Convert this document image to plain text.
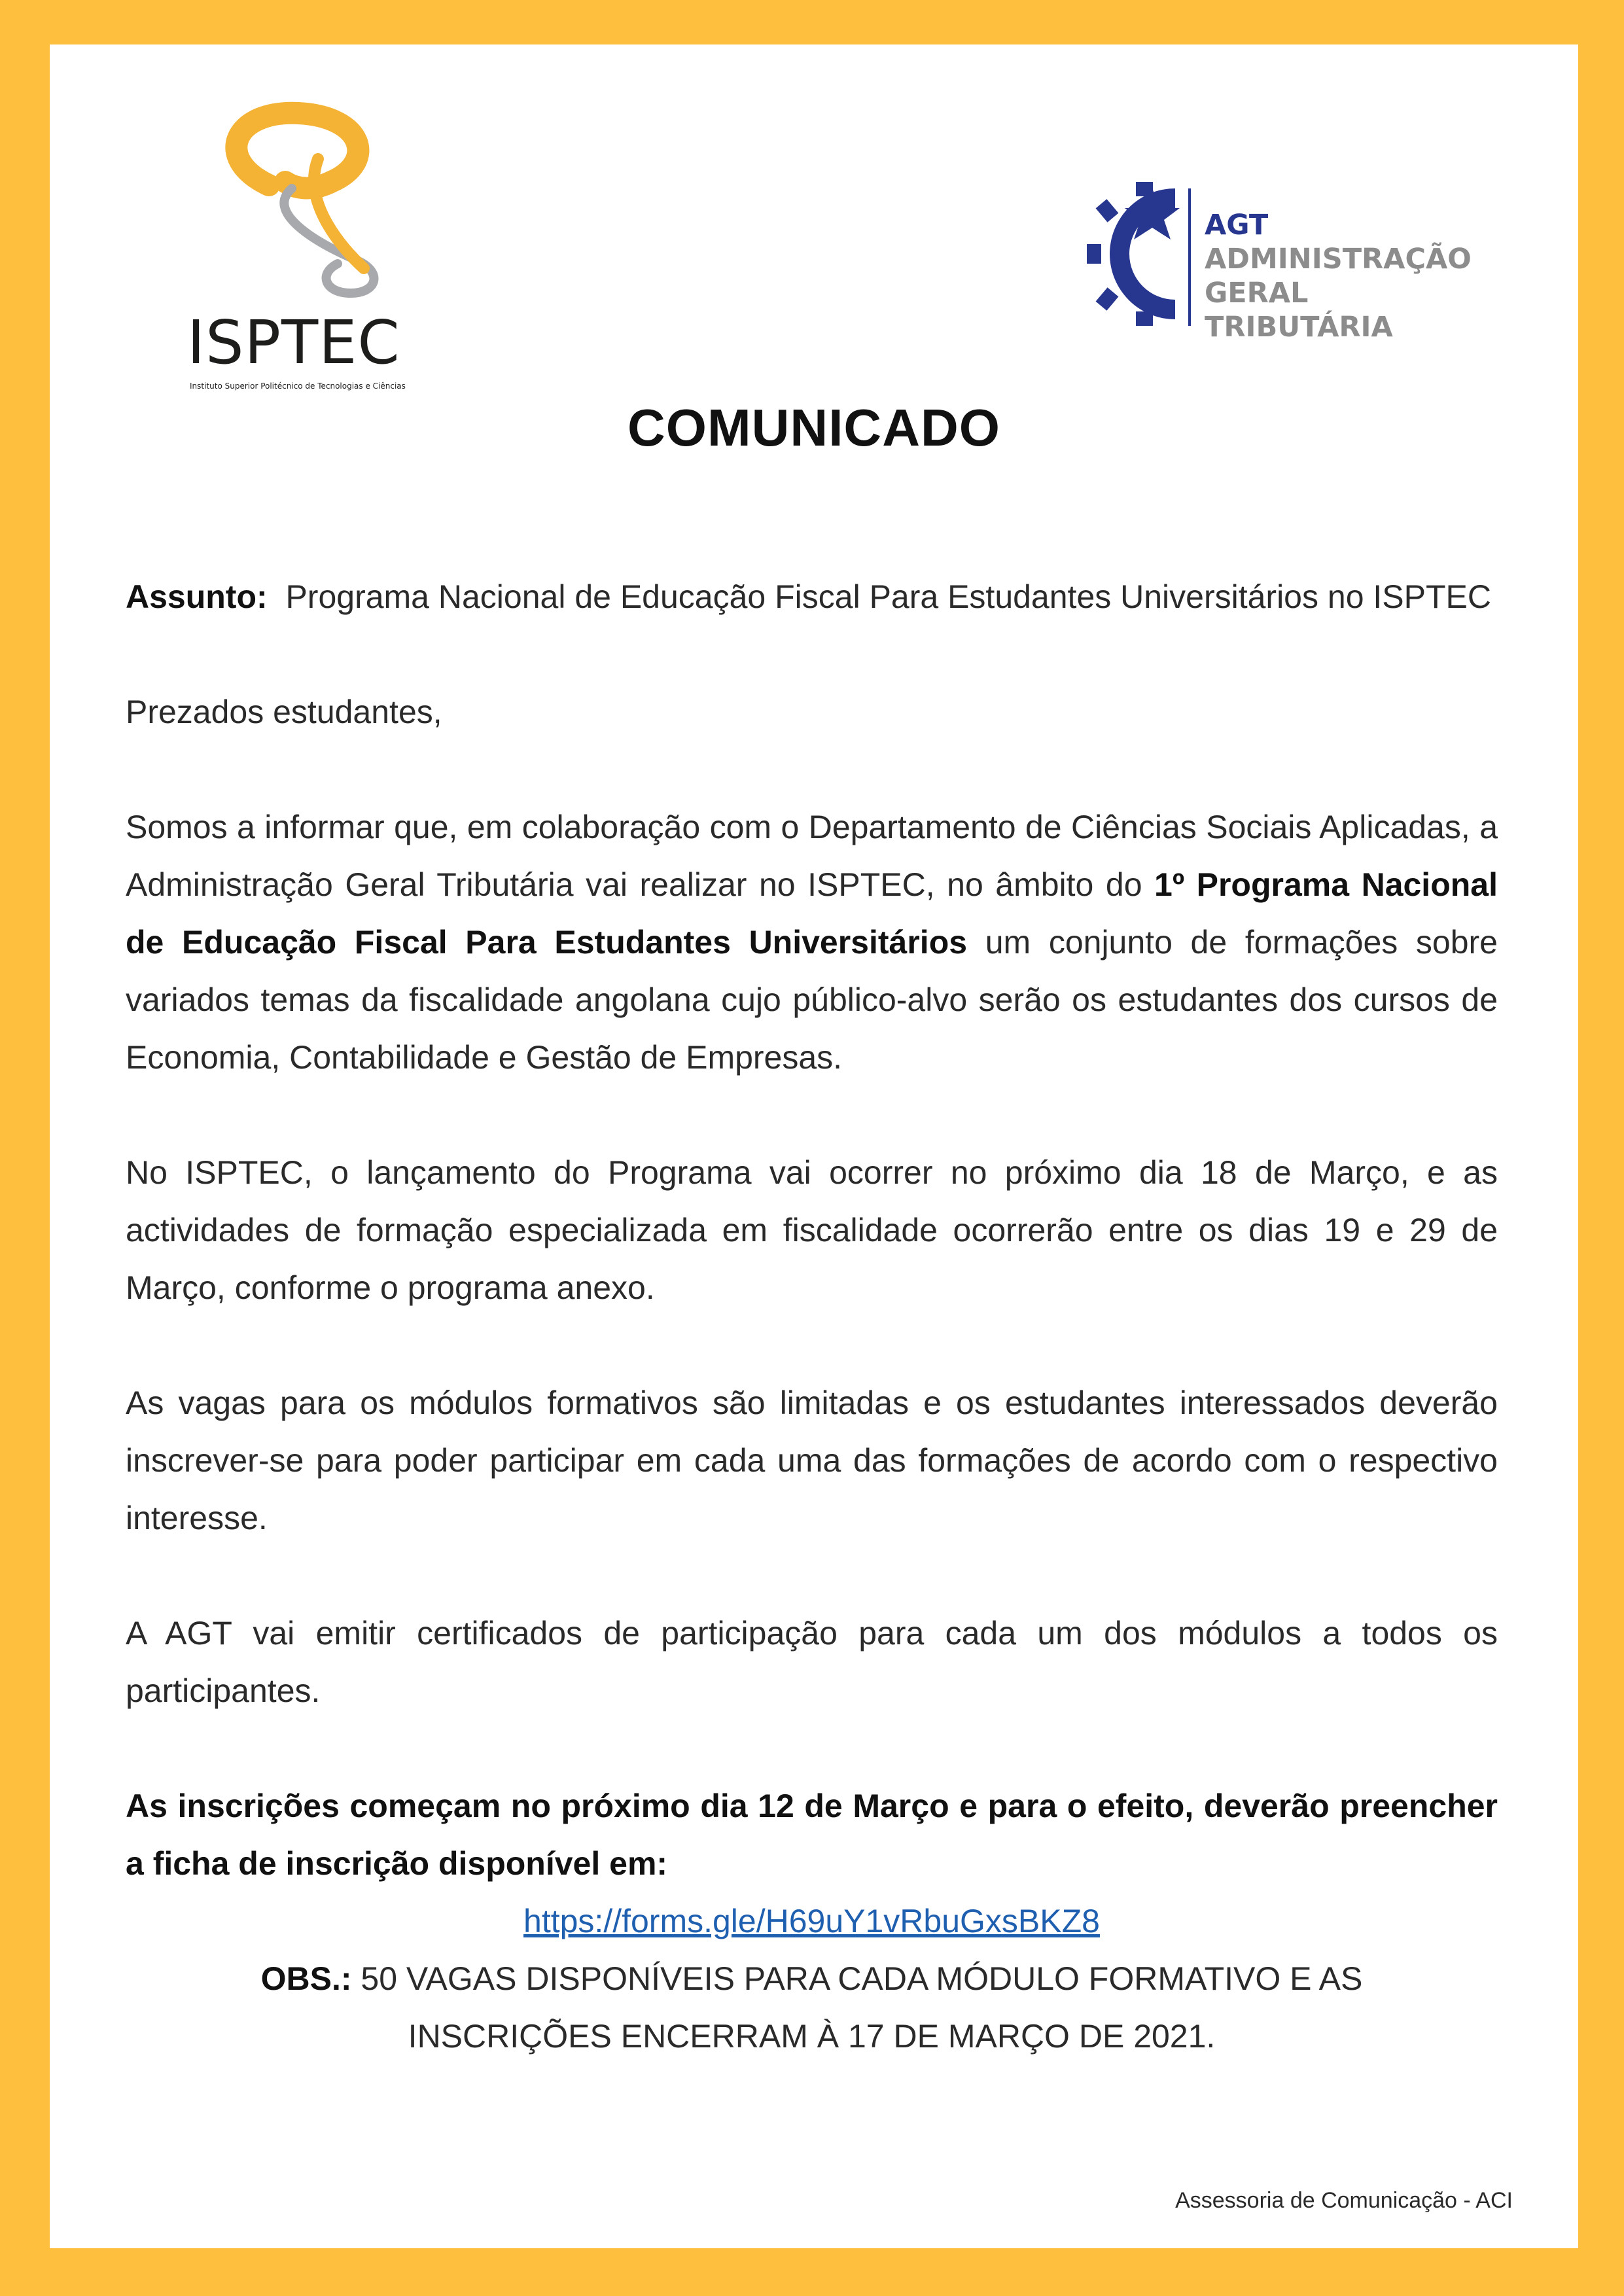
ISPTEC
Instituto Superior Politécnico de Tecnologias e Ciências
AGT
ADMINISTRAÇÃO
GERAL
TRIBUTÁRIA
COMUNICADO

Assunto: Programa Nacional de Educação Fiscal Para Estudantes Universitários no ISPTEC

Prezados estudantes,

Somos a informar que, em colaboração com o Departamento de Ciências Sociais Aplicadas, a Administração Geral Tributária vai realizar no ISPTEC, no âmbito do 1º Programa Nacional de Educação Fiscal Para Estudantes Universitários um conjunto de formações sobre variados temas da fiscalidade angolana cujo público-alvo serão os estudantes dos cursos de Economia, Contabilidade e Gestão de Empresas.

No ISPTEC, o lançamento do Programa vai ocorrer no próximo dia 18 de Março, e as actividades de formação especializada em fiscalidade ocorrerão entre os dias 19 e 29 de Março, conforme o programa anexo.

As vagas para os módulos formativos são limitadas e os estudantes interessados deverão inscrever-se para poder participar em cada uma das formações de acordo com o respectivo interesse.

A AGT vai emitir certificados de participação para cada um dos módulos a todos os participantes.

As inscrições começam no próximo dia 12 de Março e para o efeito, deverão preencher a ficha de inscrição disponível em:

https://forms.gle/H69uY1vRbuGxsBKZ8

OBS.: 50 VAGAS DISPONÍVEIS PARA CADA MÓDULO FORMATIVO E AS

INSCRIÇÕES ENCERRAM À 17 DE MARÇO DE 2021.

Assessoria de Comunicação - ACI
